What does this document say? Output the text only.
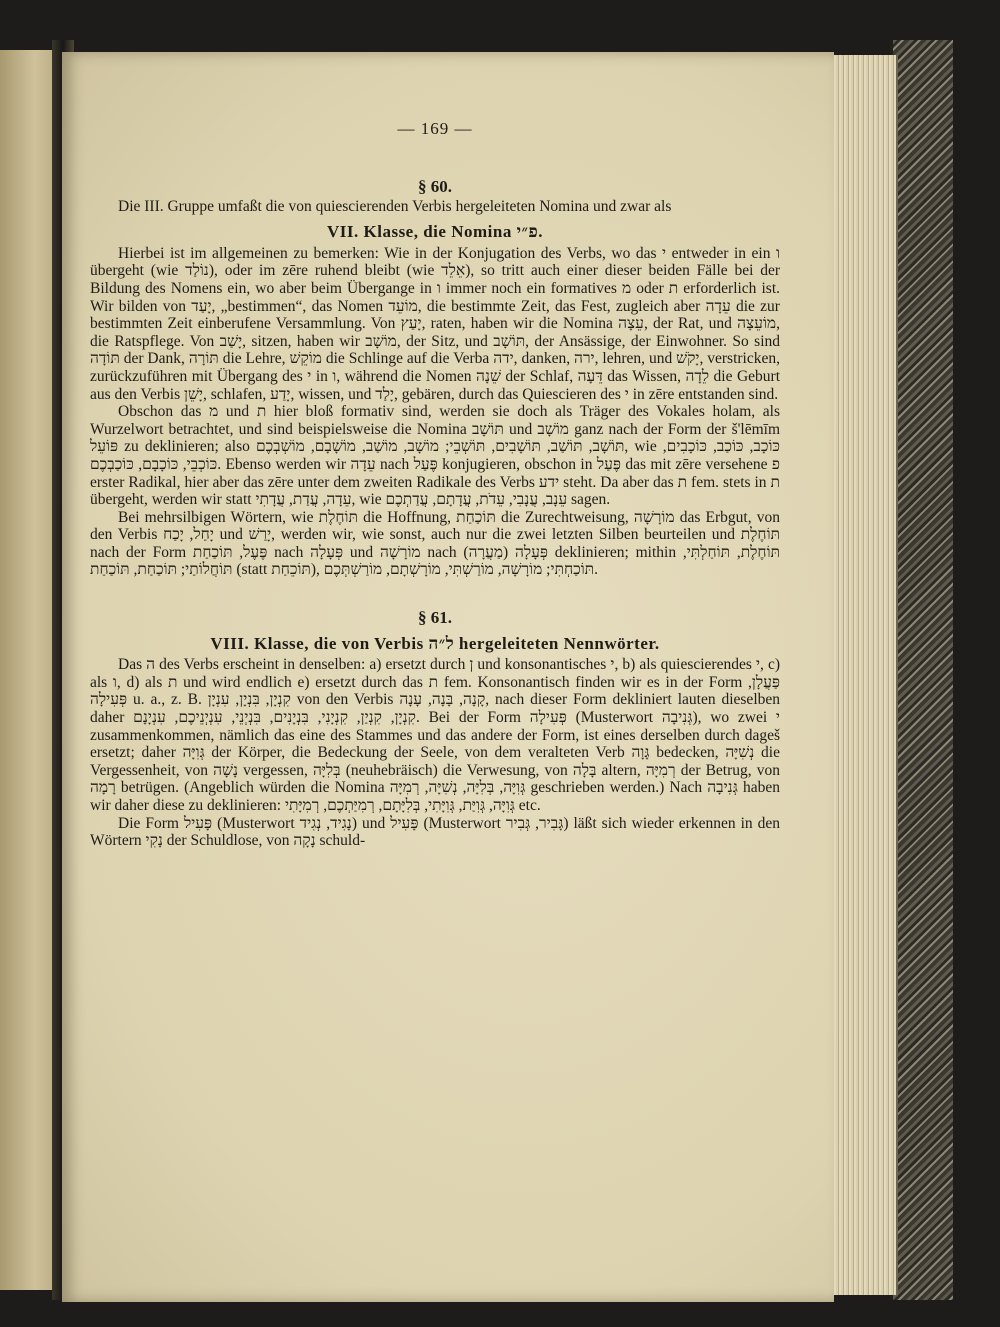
— 169 —
§ 60.

Die III. Gruppe umfaßt die von quiescierenden Verbis hergeleiteten Nomina und zwar als

VII. Klasse, die Nomina פ״י.

Hierbei ist im allgemeinen zu bemerken: Wie in der Konjugation des Verbs, wo das י entweder in ein ו übergeht (wie נוֹלַד), oder im zēre ruhend bleibt (wie אֵלֵד), so tritt auch einer dieser beiden Fälle bei der Bildung des Nomens ein, wo aber beim Übergange in ו immer noch ein formatives מ oder ת erforderlich ist. Wir bilden von יָעַד, „bestimmen“, das Nomen מוֹעֵד, die bestimmte Zeit, das Fest, zugleich aber עֵדָה die zur bestimmten Zeit einberufene Versammlung. Von יָעַץ, raten, haben wir die Nomina עֵצָה, der Rat, und מוֹעֵצָה, die Ratspflege. Von יָשַׁב, sitzen, haben wir מוֹשָׁב, der Sitz, und תּוֹשָׁב, der Ansässige, der Einwohner. So sind תּוֹדָה der Dank, תּוֹרָה die Lehre, מוֹקֵשׁ die Schlinge auf die Verba ידה, danken, ירה, lehren, und יָקֹשׁ, verstricken, zurückzuführen mit Übergang des י in ו, während die Nomen שֵׁנָה der Schlaf, דֵּעָה das Wissen, לֵדָה die Geburt aus den Verbis יָשֵׁן, schlafen, יָדַע, wissen, und יָלַד, gebären, durch das Quiescieren des י in zēre entstanden sind.

Obschon das מ und ת hier bloß formativ sind, werden sie doch als Träger des Vokales holam, als Wurzelwort betrachtet, und sind beispielsweise die Nomina תּוֹשָׁב und מוֹשָׁב ganz nach der Form der š'lēmīm פּוֹעֵל zu deklinieren; also תּוֹשָׁב, תּוֹשַׁב, תּוֹשָׁבִים, תּוֹשְׁבֵי; מוֹשָׁב, מוֹשַׁב, מוֹשָׁבָם, מוֹשְׁבְכֶם, wie כּוֹכָב, כּוֹכַב, כּוֹכָבִים, כּוֹכְבֵי, כּוֹכָבָם, כּוֹכַבְכֶם. Ebenso werden wir עֵדָה nach פֶּעַל konjugieren, obschon in פֶּעַל das mit zēre versehene פ erster Radikal, hier aber das zēre unter dem zweiten Radikale des Verbs ידע steht. Da aber das ת fem. stets in ת übergeht, werden wir statt עֵדָה, עֲדַת, עֲדָתִי, wie עֵנָב, עֲנָבִי, עֵדֹת, עֲדָתָם, עֲדַתְכֶם sagen.

Bei mehrsilbigen Wörtern, wie תּוֹחֶלֶת die Hoffnung, תּוֹכַחַת die Zurechtweisung, מוֹרָשָׁה das Erbgut, von den Verbis יָחַל, יָכַח und יָרַשׁ, werden wir, wie sonst, auch nur die zwei letzten Silben beurteilen und תּוֹחֶלֶת nach der Form פֶּעֶל, תּוֹכַחַת nach פְּעָלָה und מוֹרָשָׁה nach פְּעָלָה (מַעֲרָה) deklinieren; mithin תּוֹחֶלֶת, תּוֹחַלְתִּי, תּוֹחֲלוֹתַי; תּוֹכַחַת, תּוֹכַחַת (statt תּוֹכֵחַת), תּוֹכַחְתִּי; מוֹרָשָׁה, מוֹרַשְׁתִּי, מוֹרָשְׁתָם, מוֹרַשְׁתְּכֶם.

§ 61.
VIII. Klasse, die von Verbis ל״ה hergeleiteten Nennwörter.

Das ה des Verbs erscheint in denselben: a) ersetzt durch ן und konsonantisches י, b) als quiescierendes י, c) als ו, d) als ת und wird endlich e) ersetzt durch das ת fem. Konsonantisch finden wir es in der Form פַּעֲלָן, פְּעִילָה u. a., z. B. קִנְיָן, בִּנְיָן, עִנְיָן von den Verbis קָנָה, בָּנָה, עָנָה, nach dieser Form dekliniert lauten dieselben daher קִנְיָן, קִנְיַן, קִנְיָנִי, בִּנְיָנִים, בִּנְיְנֵי, עִנְיְנֵיכֶם, עִנְיָנָם. Bei der Form פְּעִילָה (Musterwort גְּנִיבָה), wo zwei י zusammenkommen, nämlich das eine des Stammes und das andere der Form, ist eines derselben durch dageš ersetzt; daher גְּוִיָּה der Körper, die Bedeckung der Seele, von dem veralteten Verb גָּוָה bedecken, נְשִׁיָּה die Vergessenheit, von נָשָׁה vergessen, בְּלִיָּה (neuhebräisch) die Verwesung, von בָּלָה altern, רְמִיָּה der Betrug, von רָמָה betrügen. (Angeblich würden die Nomina גְּוִיָּה, בְּלִיָּה, נְשִׁיָּה, רְמִיָּה geschrieben werden.) Nach גְּנִיבָה haben wir daher diese zu deklinieren: גְּוִיָּה, גְּוִיַּת, גְּוִיָּתִי, בְּלִיָּתָם, רְמִיַּתְכֶם, רְמִיָּתִי etc.

Die Form פָּעִיל (Musterwort נָגִיד, נְגִיד) und פָּעִיל (Musterwort גָּבִיר, גְּבִיר) läßt sich wieder erkennen in den Wörtern נָקִי der Schuldlose, von נָקָה schuld-
